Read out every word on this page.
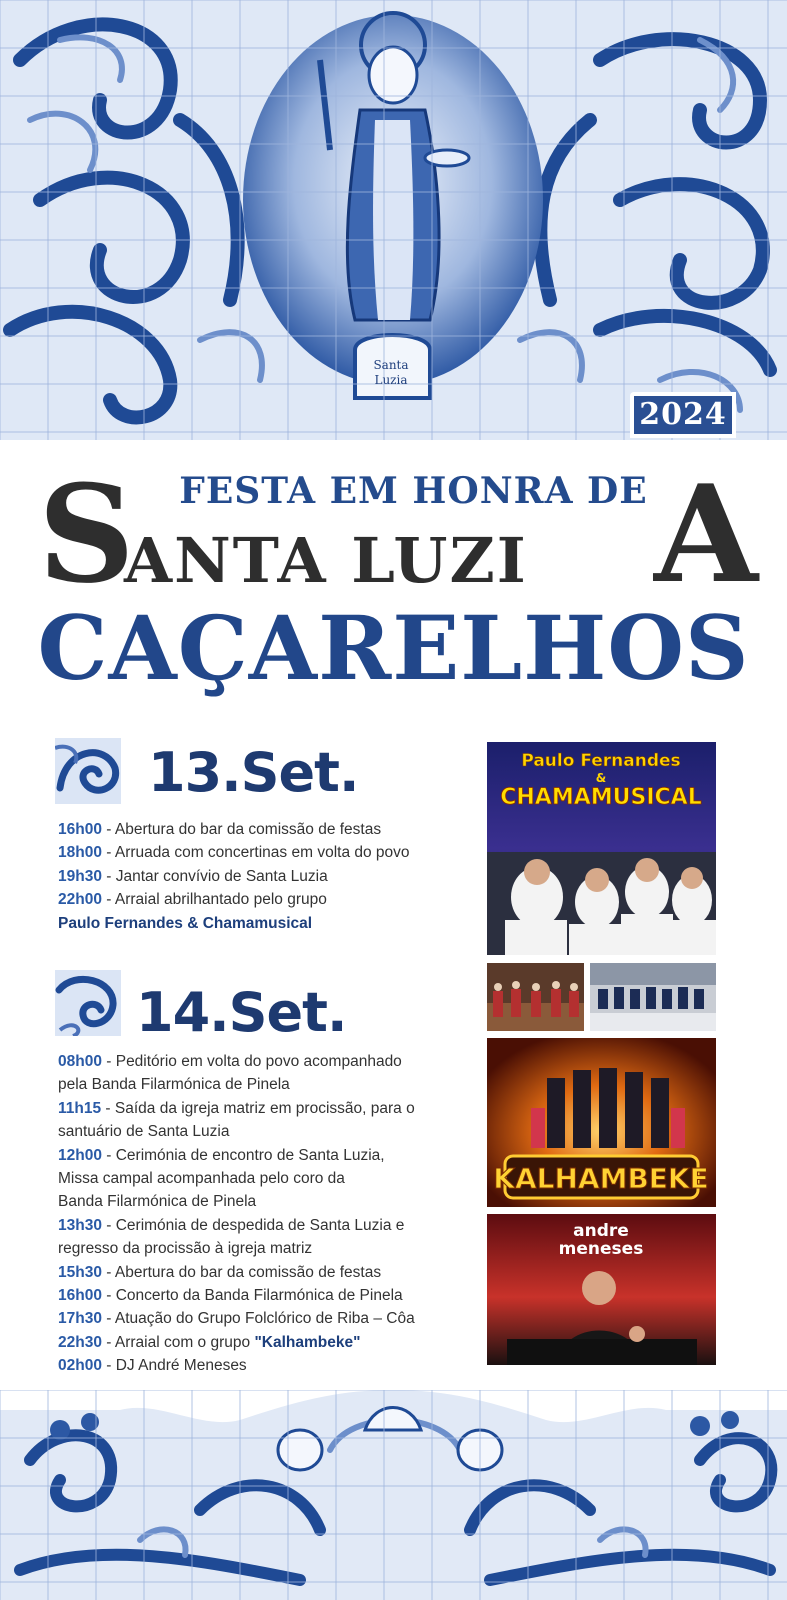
Santa
Luzia
2024
FESTA EM HONRA DE
S
ANTA LUZI A
CAÇARELHOS
13.Set.
16h00 - Abertura do bar da comissão de festas
18h00 - Arruada com concertinas em volta do povo
19h30 - Jantar convívio de Santa Luzia
22h00 - Arraial abrilhantado pelo grupo
Paulo Fernandes & Chamamusical
14.Set.
08h00 - Peditório em volta do povo acompanhado
pela Banda Filarmónica de Pinela
11h15 - Saída da igreja matriz em procissão, para o
santuário de Santa Luzia
12h00 - Cerimónia de encontro de Santa Luzia,
Missa campal acompanhada pelo coro da
Banda Filarmónica de Pinela
13h30 - Cerimónia de despedida de Santa Luzia e
regresso da procissão à igreja matriz
15h30 - Abertura do bar da comissão de festas
16h00 - Concerto da Banda Filarmónica de Pinela
17h30 - Atuação do Grupo Folclórico de Riba – Côa
22h30 - Arraial com o grupo "Kalhambeke"
02h00 - DJ André Meneses
Paulo Fernandes
&
CHAMAMUSICAL
KALHAMBEKE
andre
meneses
